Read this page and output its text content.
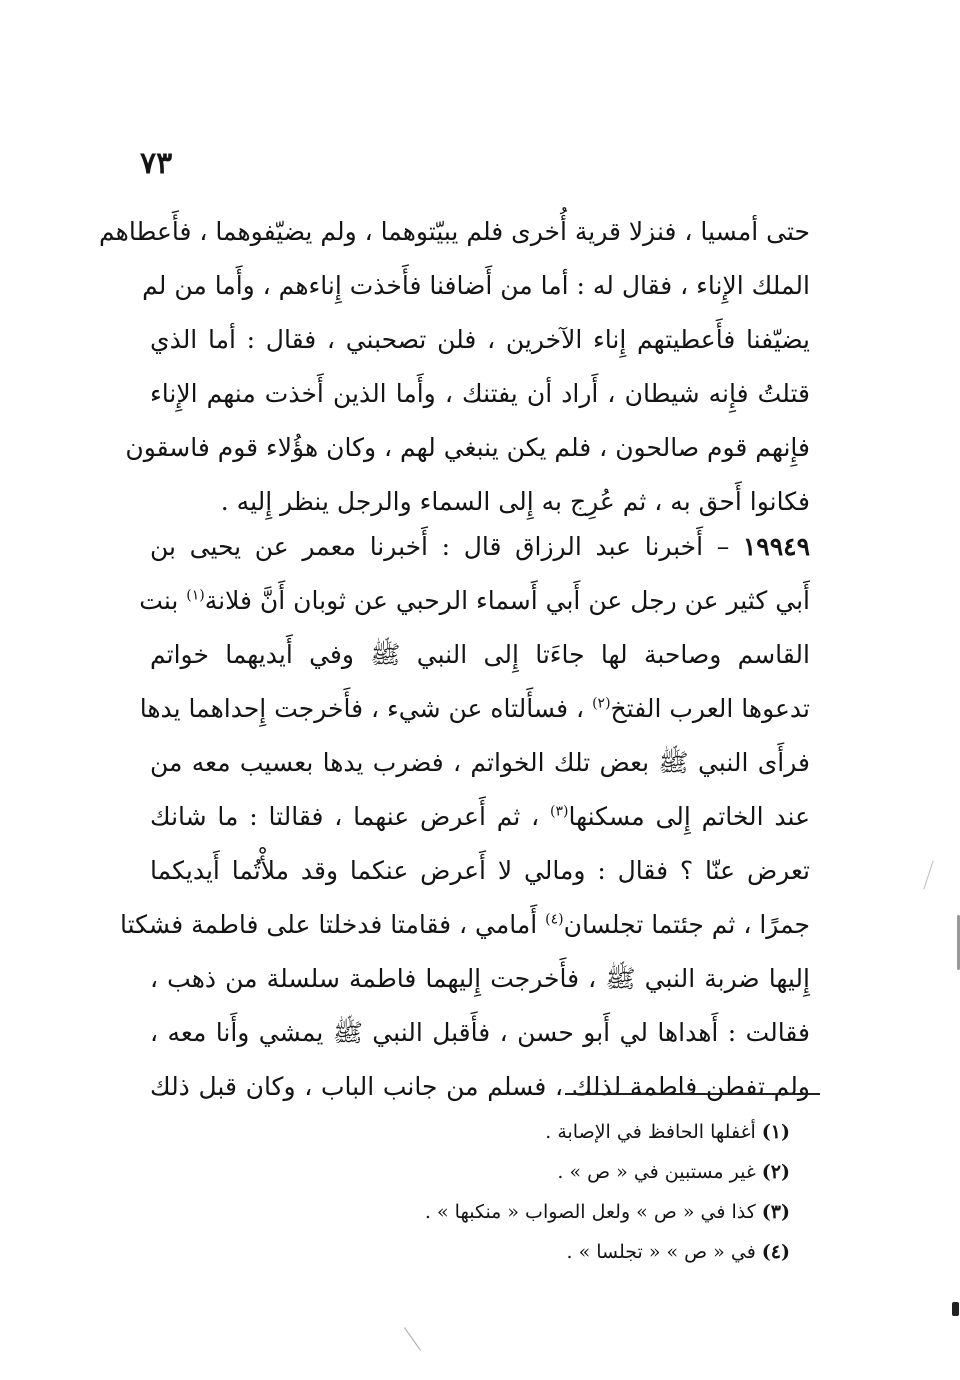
٧٣
حتى أمسيا ، فنزلا قرية أُخرى فلم يبيّتوهما ، ولم يضيّفوهما ، فأَعطاهم
الملك الإِناء ، فقال له : أما من أَضافنا فأَخذت إِناءهم ، وأَما من لم
يضيّفنا فأَعطيتهم إِناء الآخرين ، فلن تصحبني ، فقال : أما الذي
قتلتُ فإِنه شيطان ، أَراد أن يفتنك ، وأَما الذين أَخذت منهم الإِناء
فإِنهم قوم صالحون ، فلم يكن ينبغي لهم ، وكان هؤُلاء قوم فاسقون
فكانوا أَحق به ، ثم عُرِج به إِلى السماء والرجل ينظر إِليه .
١٩٩٤٩ – أَخبرنا عبد الرزاق قال : أَخبرنا معمر عن يحيى بن
أَبي كثير عن رجل عن أَبي أَسماء الرحبي عن ثوبان أَنَّ فلانة$^{(١)}$ بنت
القاسم وصاحبة لها جاءَتا إِلى النبي ﷺ وفي أَيديهما خواتم
تدعوها العرب الفتخ$^{(٢)}$ ، فسأَلتاه عن شيء ، فأَخرجت إِحداهما يدها
فرأَى النبي ﷺ بعض تلك الخواتم ، فضرب يدها بعسيب معه من
عند الخاتم إِلى مسكنها$^{(٣)}$ ، ثم أَعرض عنهما ، فقالتا : ما شانك
تعرض عنّا ؟ فقال : ومالي لا أَعرض عنكما وقد ملأْتُما أَيديكما
جمرًا ، ثم جئتما تجلسان$^{(٤)}$ أَمامي ، فقامتا فدخلتا على فاطمة فشكتا
إِليها ضربة النبي ﷺ ، فأَخرجت إِليهما فاطمة سلسلة من ذهب ،
فقالت : أَهداها لي أَبو حسن ، فأَقبل النبي ﷺ يمشي وأَنا معه ،
ولم تفطن فاطمة لذلك ، فسلم من جانب الباب ، وكان قبل ذلك
(١)أغفلها الحافظ في الإصابة .
(٢)غير مستبين في « ص » .
(٣)كذا في « ص » ولعل الصواب « منكبها » .
(٤)في « ص » « تجلسا » .
